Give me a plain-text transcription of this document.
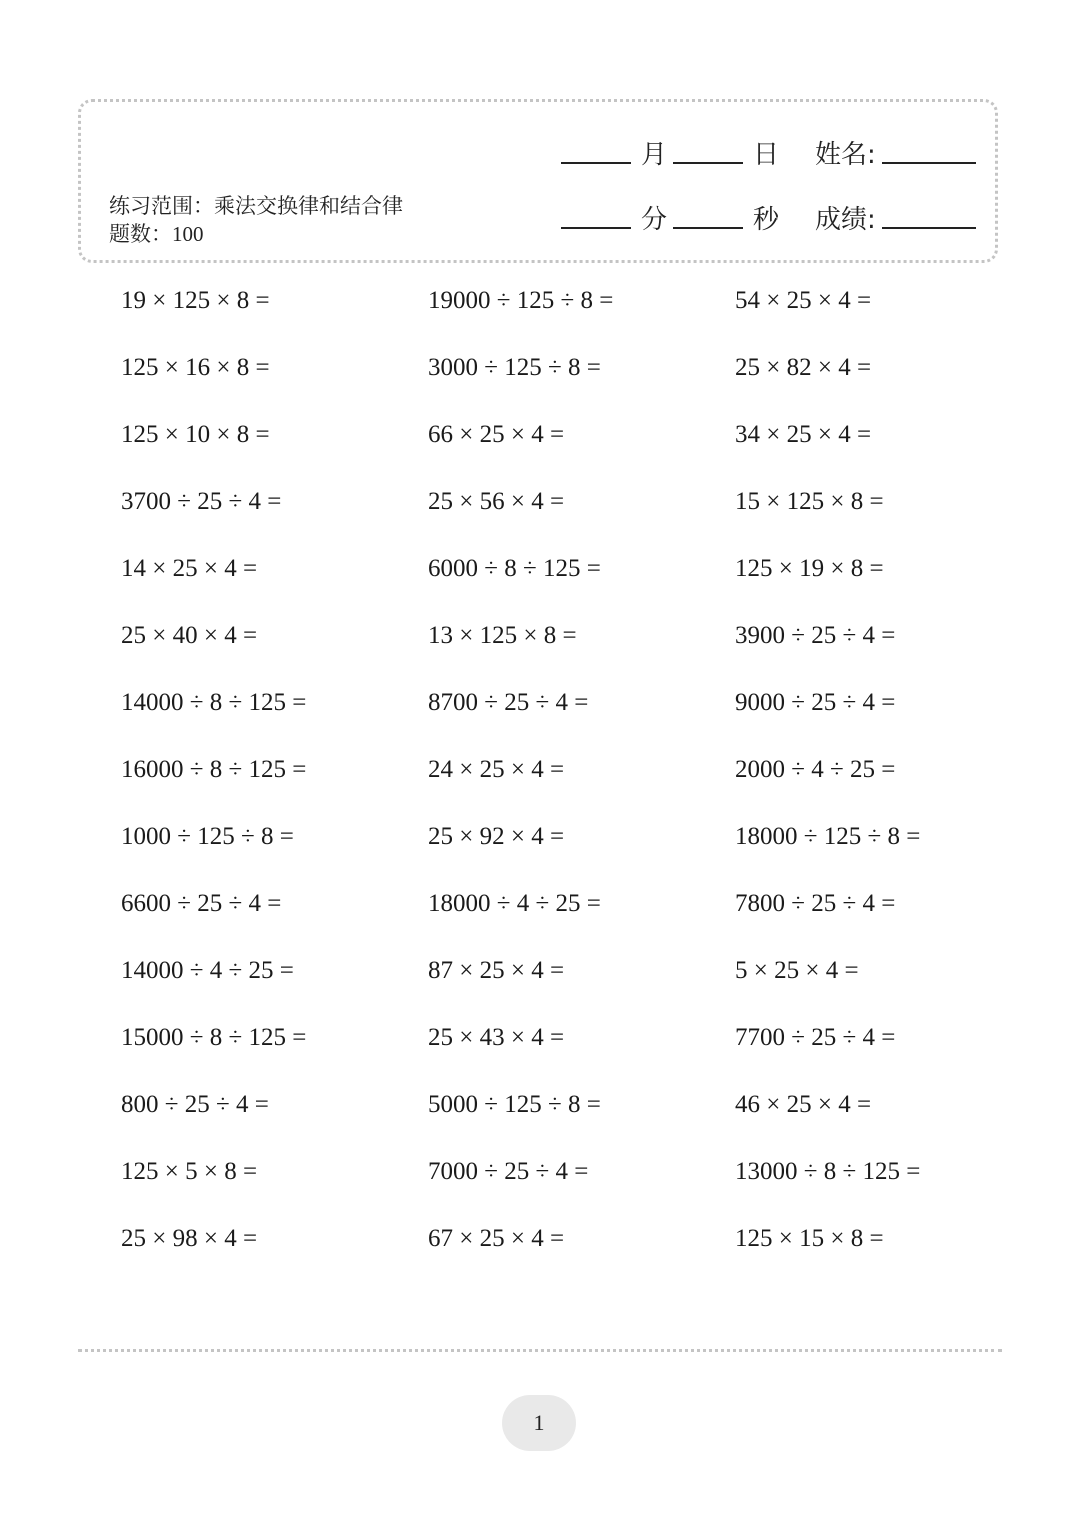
月	日 姓名:
分	秒 成绩:
练习范围：乘法交换律和结合律 题数：100
19 × 125 × 8 =	19000 ÷ 125 ÷ 8 =	54 × 25 × 4 =
125 × 16 × 8 =	3000 ÷ 125 ÷ 8 =	25 × 82 × 4 =
125 × 10 × 8 =	66 × 25 × 4 =	34 × 25 × 4 =
3700 ÷ 25 ÷ 4 =	25 × 56 × 4 =	15 × 125 × 8 =
14 × 25 × 4 =	6000 ÷ 8 ÷ 125 =	125 × 19 × 8 =
25 × 40 × 4 =	13 × 125 × 8 =	3900 ÷ 25 ÷ 4 =
14000 ÷ 8 ÷ 125 =	8700 ÷ 25 ÷ 4 =	9000 ÷ 25 ÷ 4 =
16000 ÷ 8 ÷ 125 =	24 × 25 × 4 =	2000 ÷ 4 ÷ 25 =
1000 ÷ 125 ÷ 8 =	25 × 92 × 4 =	18000 ÷ 125 ÷ 8 =
6600 ÷ 25 ÷ 4 =	18000 ÷ 4 ÷ 25 =	7800 ÷ 25 ÷ 4 =
14000 ÷ 4 ÷ 25 =	87 × 25 × 4 =	5 × 25 × 4 =
15000 ÷ 8 ÷ 125 =	25 × 43 × 4 =	7700 ÷ 25 ÷ 4 =
800 ÷ 25 ÷ 4 =	5000 ÷ 125 ÷ 8 =	46 × 25 × 4 =
125 × 5 × 8 =	7000 ÷ 25 ÷ 4 =	13000 ÷ 8 ÷ 125 =
25 × 98 × 4 =	67 × 25 × 4 =	125 × 15 × 8 =
1
